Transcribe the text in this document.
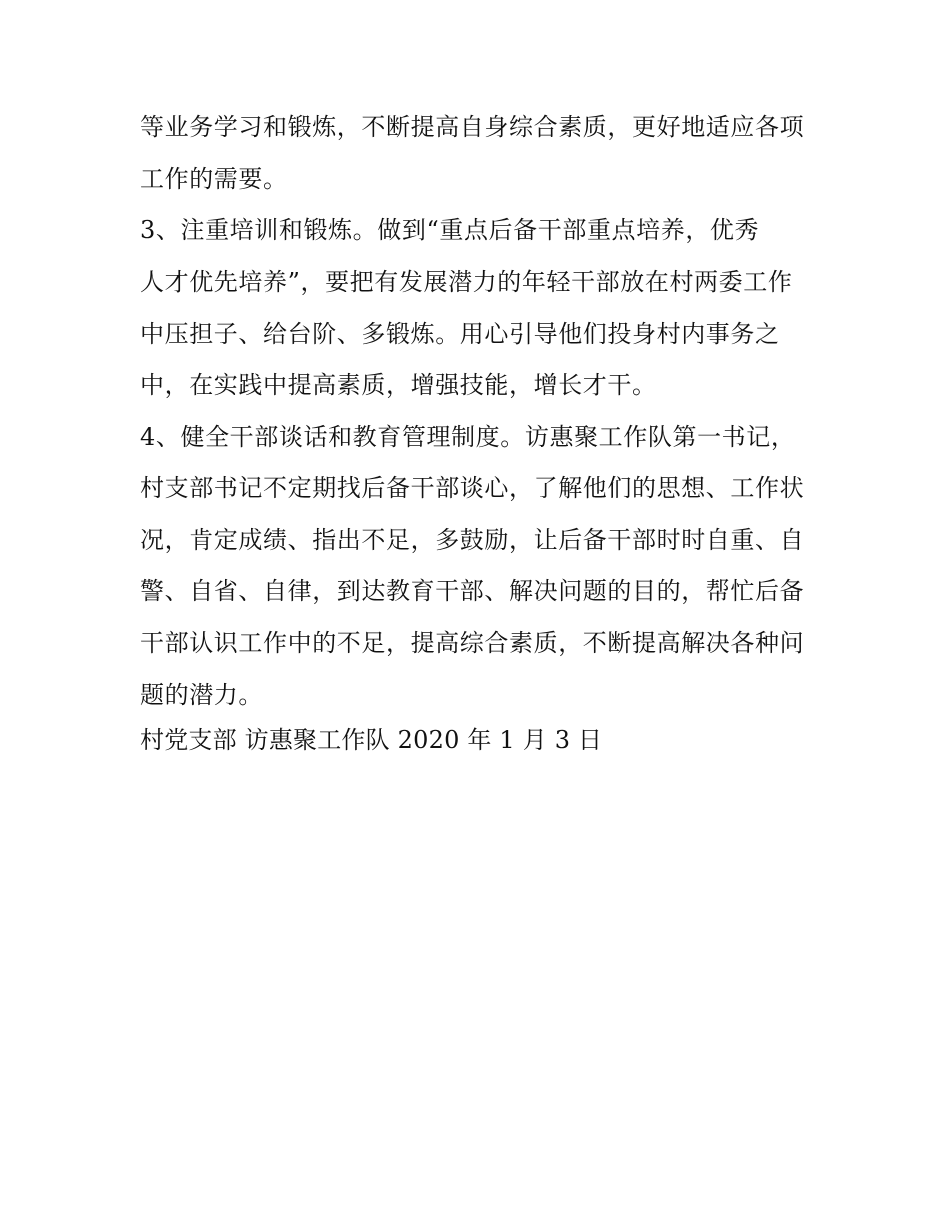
等业务学习和锻炼，不断提高自身综合素质，更好地适应各项
工作的需要。
3、注重培训和锻炼。做到“重点后备干部重点培养，优秀
人才优先培养”，要把有发展潜力的年轻干部放在村两委工作
中压担子、给台阶、多锻炼。用心引导他们投身村内事务之
中，在实践中提高素质，增强技能，增长才干。
4、健全干部谈话和教育管理制度。访惠聚工作队第一书记，
村支部书记不定期找后备干部谈心，了解他们的思想、工作状
况，肯定成绩、指出不足，多鼓励，让后备干部时时自重、自
警、自省、自律，到达教育干部、解决问题的目的，帮忙后备
干部认识工作中的不足，提高综合素质，不断提高解决各种问
题的潜力。
村党支部 访惠聚工作队 2020 年 1 月 3 日
